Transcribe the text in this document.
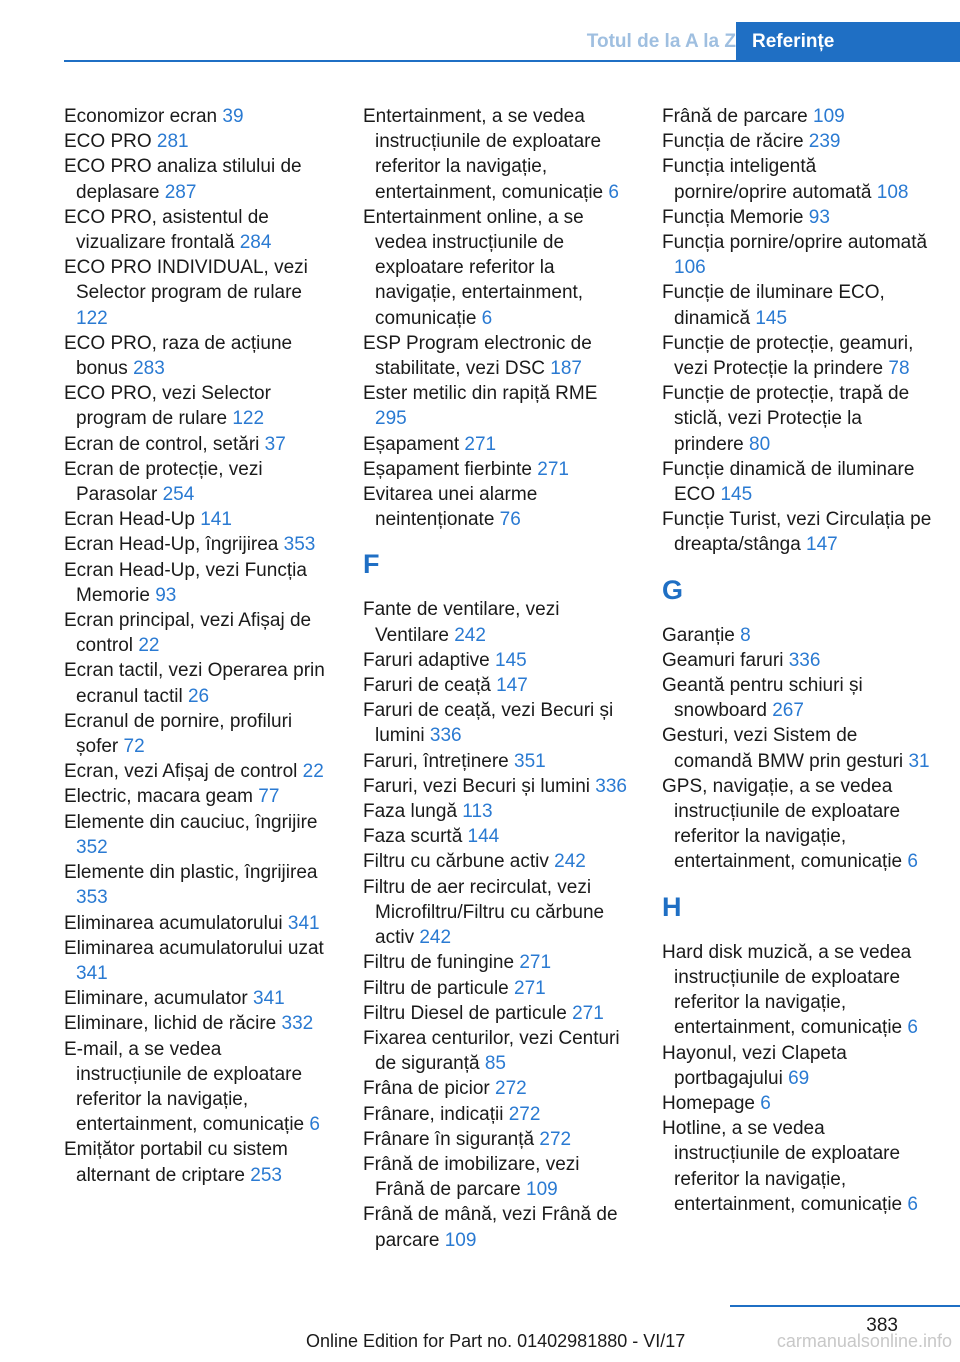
Totul de la A la Z Referințe
Economizor ecran 39
ECO PRO 281
ECO PRO analiza stilului de deplasare 287
ECO PRO, asistentul de vizualizare frontală 284
ECO PRO INDIVIDUAL, vezi Selector program de rulare 122
ECO PRO, raza de acțiune bonus 283
ECO PRO, vezi Selector program de rulare 122
Ecran de control, setări 37
Ecran de protecție, vezi Parasolar 254
Ecran Head-Up 141
Ecran Head-Up, îngrijirea 353
Ecran Head-Up, vezi Funcția Memorie 93
Ecran principal, vezi Afișaj de control 22
Ecran tactil, vezi Operarea prin ecranul tactil 26
Ecranul de pornire, profiluri șofer 72
Ecran, vezi Afișaj de control 22
Electric, macara geam 77
Elemente din cauciuc, îngrijire 352
Elemente din plastic, îngrijirea 353
Eliminarea acumulatorului 341
Eliminarea acumulatorului uzat 341
Eliminare, acumulator 341
Eliminare, lichid de răcire 332
E-mail, a se vedea instrucțiunile de exploatare referitor la navigație, entertainment, comunicație 6
Emițător portabil cu sistem alternant de criptare 253
Entertainment, a se vedea instrucțiunile de exploatare referitor la navigație, entertainment, comunicație 6
Entertainment online, a se vedea instrucțiunile de exploatare referitor la navigație, entertainment, comunicație 6
ESP Program electronic de stabilitate, vezi DSC 187
Ester metilic din rapiță RME 295
Eșapament 271
Eșapament fierbinte 271
Evitarea unei alarme neintenționate 76
F
Fante de ventilare, vezi Ventilare 242
Faruri adaptive 145
Faruri de ceață 147
Faruri de ceață, vezi Becuri și lumini 336
Faruri, întreținere 351
Faruri, vezi Becuri și lumini 336
Faza lungă 113
Faza scurtă 144
Filtru cu cărbune activ 242
Filtru de aer recirculat, vezi Microfiltru/Filtru cu cărbune activ 242
Filtru de funingine 271
Filtru de particule 271
Filtru Diesel de particule 271
Fixarea centurilor, vezi Centuri de siguranță 85
Frâna de picior 272
Frânare, indicații 272
Frânare în siguranță 272
Frână de imobilizare, vezi Frână de parcare 109
Frână de mână, vezi Frână de parcare 109
Frână de parcare 109
Funcția de răcire 239
Funcția inteligentă pornire/oprire automată 108
Funcția Memorie 93
Funcția pornire/oprire automată 106
Funcție de iluminare ECO, dinamică 145
Funcție de protecție, geamuri, vezi Protecție la prindere 78
Funcție de protecție, trapă de sticlă, vezi Protecție la prindere 80
Funcție dinamică de iluminare ECO 145
Funcție Turist, vezi Circulația pe dreapta/stânga 147
G
Garanție 8
Geamuri faruri 336
Geantă pentru schiuri și snowboard 267
Gesturi, vezi Sistem de comandă BMW prin gesturi 31
GPS, navigație, a se vedea instrucțiunile de exploatare referitor la navigație, entertainment, comunicație 6
H
Hard disk muzică, a se vedea instrucțiunile de exploatare referitor la navigație, entertainment, comunicație 6
Hayonul, vezi Clapeta portbagajului 69
Homepage 6
Hotline, a se vedea instrucțiunile de exploatare referitor la navigație, entertainment, comunicație 6
383
Online Edition for Part no. 01402981880 - VI/17	carmanualsonline.info
